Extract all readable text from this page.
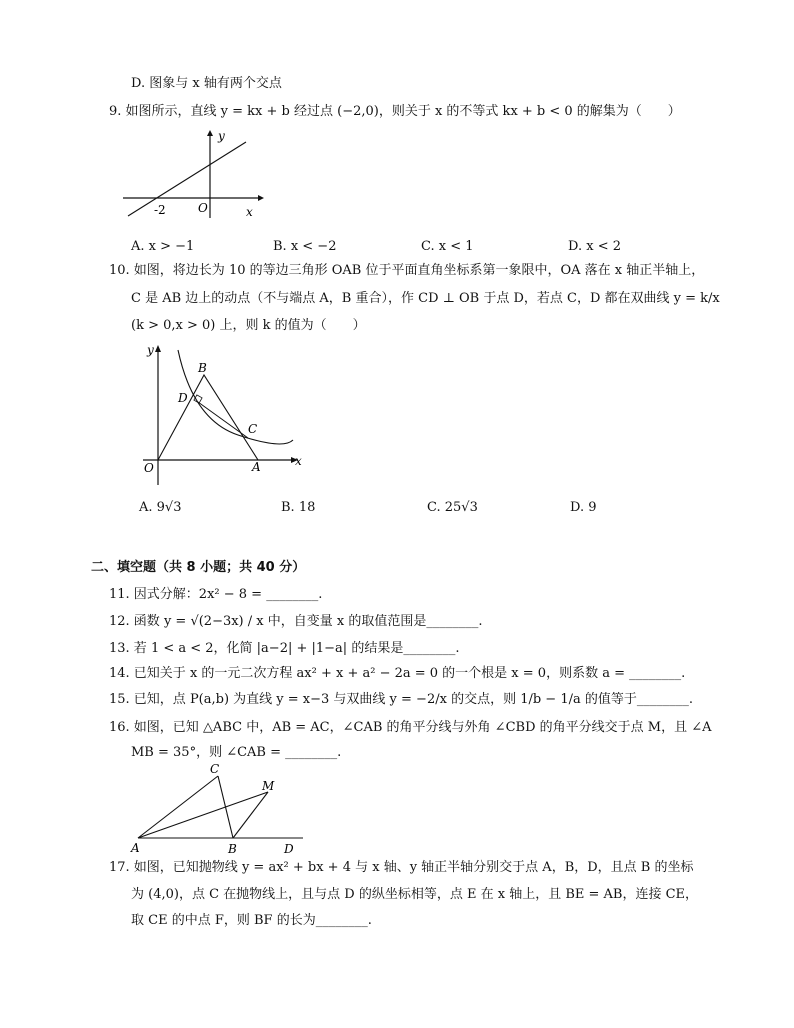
D. 图象与 x 轴有两个交点
9. 如图所示，直线 y = kx + b 经过点 (−2,0)，则关于 x 的不等式 kx + b < 0 的解集为（　　）
y
x
O
-2
A. x > −1	B. x < −2	C. x < 1	D. x < 2
10. 如图，将边长为 10 的等边三角形 OAB 位于平面直角坐标系第一象限中，OA 落在 x 轴正半轴上，
C 是 AB 边上的动点（不与端点 A，B 重合），作 CD ⊥ OB 于点 D，若点 C，D 都在双曲线 y = k/x
(k > 0,x > 0) 上，则 k 的值为（　　）
y
x
O	A
B
C
D
A. 9√3	B. 18	C. 25√3	D. 9
二、填空题（共 8 小题；共 40 分）
11. 因式分解：2x² − 8 = ________.
12. 函数 y = √(2−3x) / x 中，自变量 x 的取值范围是________.
13. 若 1 < a < 2，化简 |a−2| + |1−a| 的结果是________.
14. 已知关于 x 的一元二次方程 ax² + x + a² − 2a = 0 的一个根是 x = 0，则系数 a = ________.
15. 已知，点 P(a,b) 为直线 y = x−3 与双曲线 y = −2/x 的交点，则 1/b − 1/a 的值等于________.
16. 如图，已知 △ABC 中，AB = AC，∠CAB 的角平分线与外角 ∠CBD 的角平分线交于点 M，且 ∠A
MB = 35°，则 ∠CAB = ________.
A	B
C
D
M
17. 如图，已知抛物线 y = ax² + bx + 4 与 x 轴、y 轴正半轴分别交于点 A，B，D，且点 B 的坐标
为 (4,0)，点 C 在抛物线上，且与点 D 的纵坐标相等，点 E 在 x 轴上，且 BE = AB，连接 CE，
取 CE 的中点 F，则 BF 的长为________.
